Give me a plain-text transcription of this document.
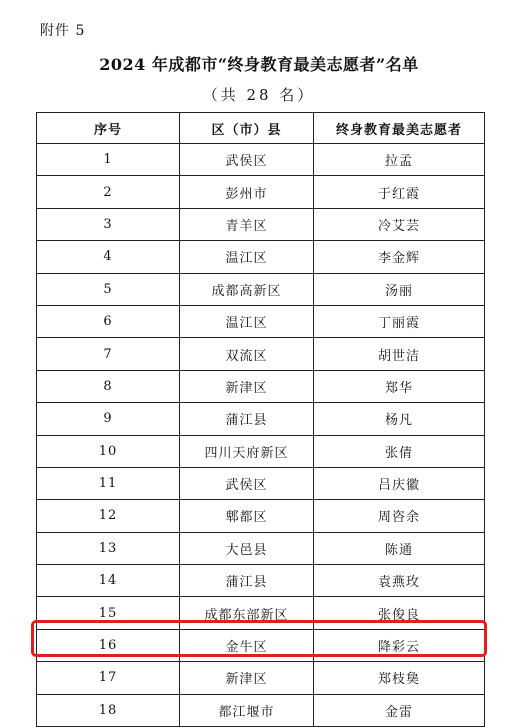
附件 5
2024 年成都市“终身教育最美志愿者”名单
（共 28 名）
序号	区（市）县	终身教育最美志愿者
1	武侯区	拉孟
2	彭州市	于红霞
3	青羊区	冷艾芸
4	温江区	李金辉
5	成都高新区	汤丽
6	温江区	丁丽霞
7	双流区	胡世洁
8	新津区	郑华
9	蒲江县	杨凡
10	四川天府新区	张倩
11	武侯区	吕庆徽
12	郫都区	周咨余
13	大邑县	陈通
14	蒲江县	袁燕玫
15	成都东部新区	张俊良
16	金牛区	降彩云
17	新津区	郑枝㚟
18	都江堰市	金雷
